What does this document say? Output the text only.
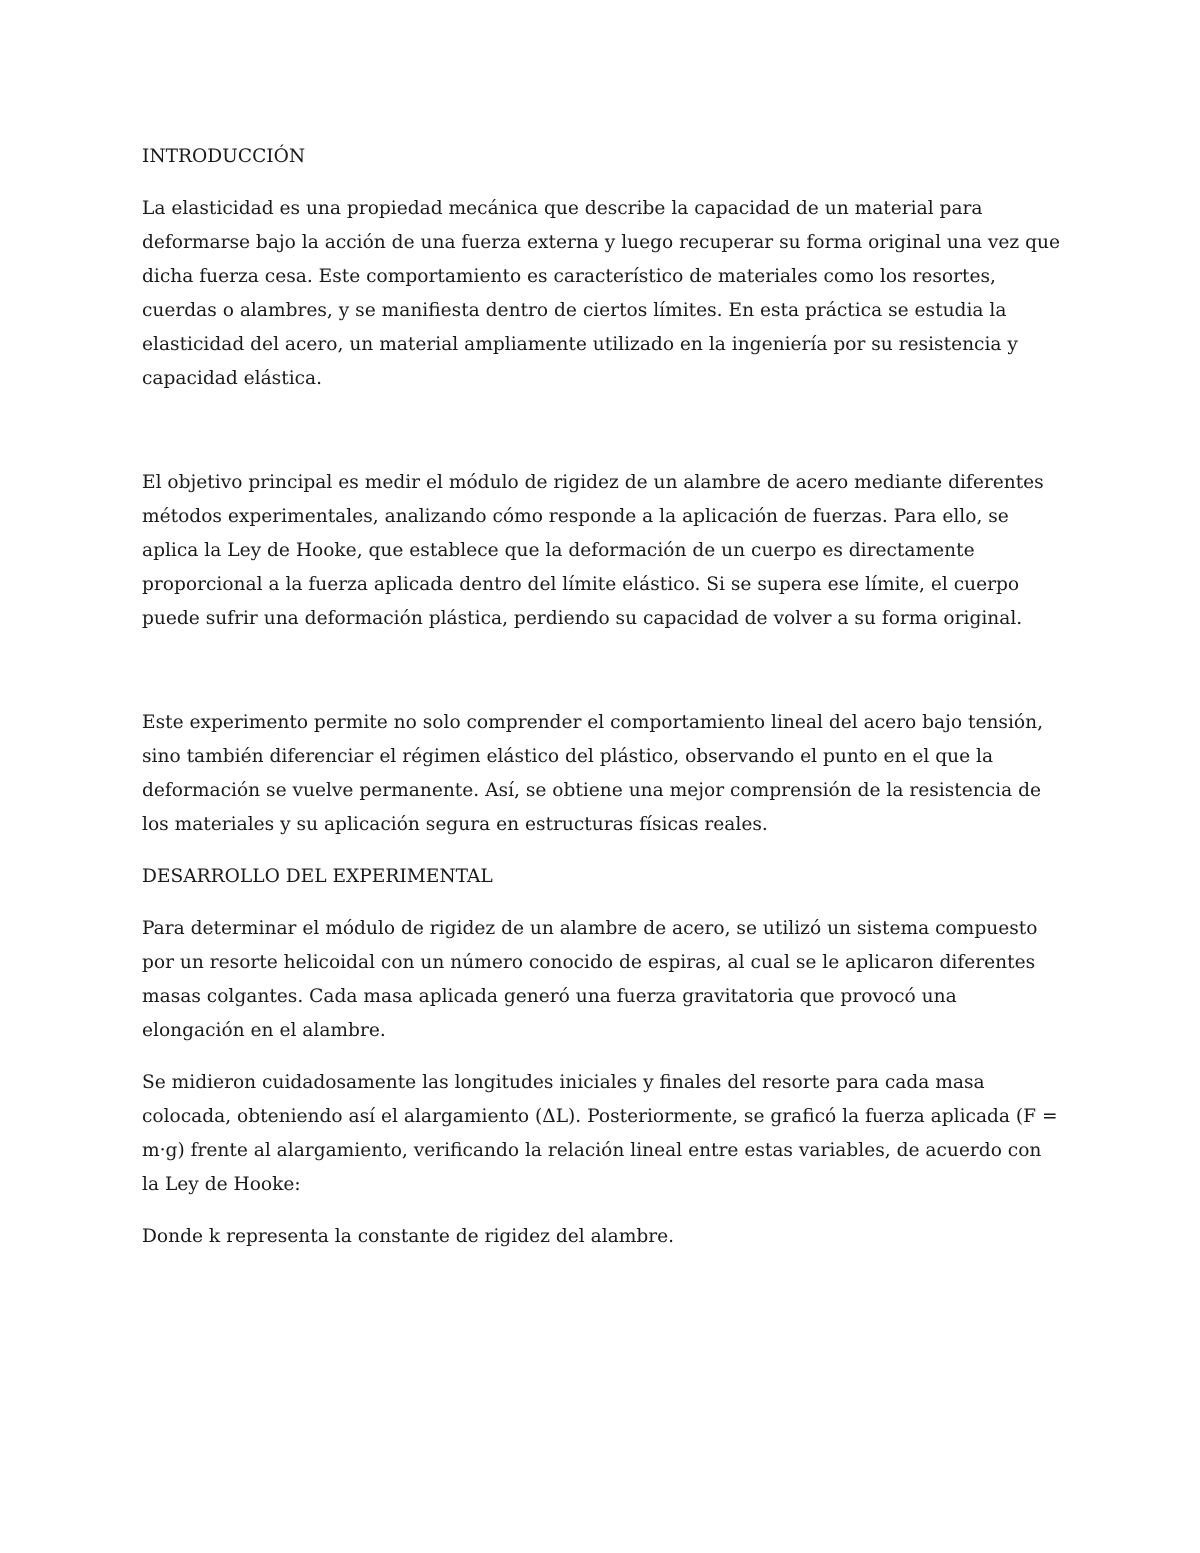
INTRODUCCIÓN

La elasticidad es una propiedad mecánica que describe la capacidad de un material para deformarse bajo la acción de una fuerza externa y luego recuperar su forma original una vez que dicha fuerza cesa. Este comportamiento es característico de materiales como los resortes, cuerdas o alambres, y se manifiesta dentro de ciertos límites. En esta práctica se estudia la elasticidad del acero, un material ampliamente utilizado en la ingeniería por su resistencia y capacidad elástica.

El objetivo principal es medir el módulo de rigidez de un alambre de acero mediante diferentes métodos experimentales, analizando cómo responde a la aplicación de fuerzas. Para ello, se aplica la Ley de Hooke, que establece que la deformación de un cuerpo es directamente proporcional a la fuerza aplicada dentro del límite elástico. Si se supera ese límite, el cuerpo puede sufrir una deformación plástica, perdiendo su capacidad de volver a su forma original.

Este experimento permite no solo comprender el comportamiento lineal del acero bajo tensión, sino también diferenciar el régimen elástico del plástico, observando el punto en el que la deformación se vuelve permanente. Así, se obtiene una mejor comprensión de la resistencia de los materiales y su aplicación segura en estructuras físicas reales.

DESARROLLO DEL EXPERIMENTAL

Para determinar el módulo de rigidez de un alambre de acero, se utilizó un sistema compuesto por un resorte helicoidal con un número conocido de espiras, al cual se le aplicaron diferentes masas colgantes. Cada masa aplicada generó una fuerza gravitatoria que provocó una elongación en el alambre.

Se midieron cuidadosamente las longitudes iniciales y finales del resorte para cada masa colocada, obteniendo así el alargamiento (ΔL). Posteriormente, se graficó la fuerza aplicada (F = m·g) frente al alargamiento, verificando la relación lineal entre estas variables, de acuerdo con la Ley de Hooke:

Donde k representa la constante de rigidez del alambre.
